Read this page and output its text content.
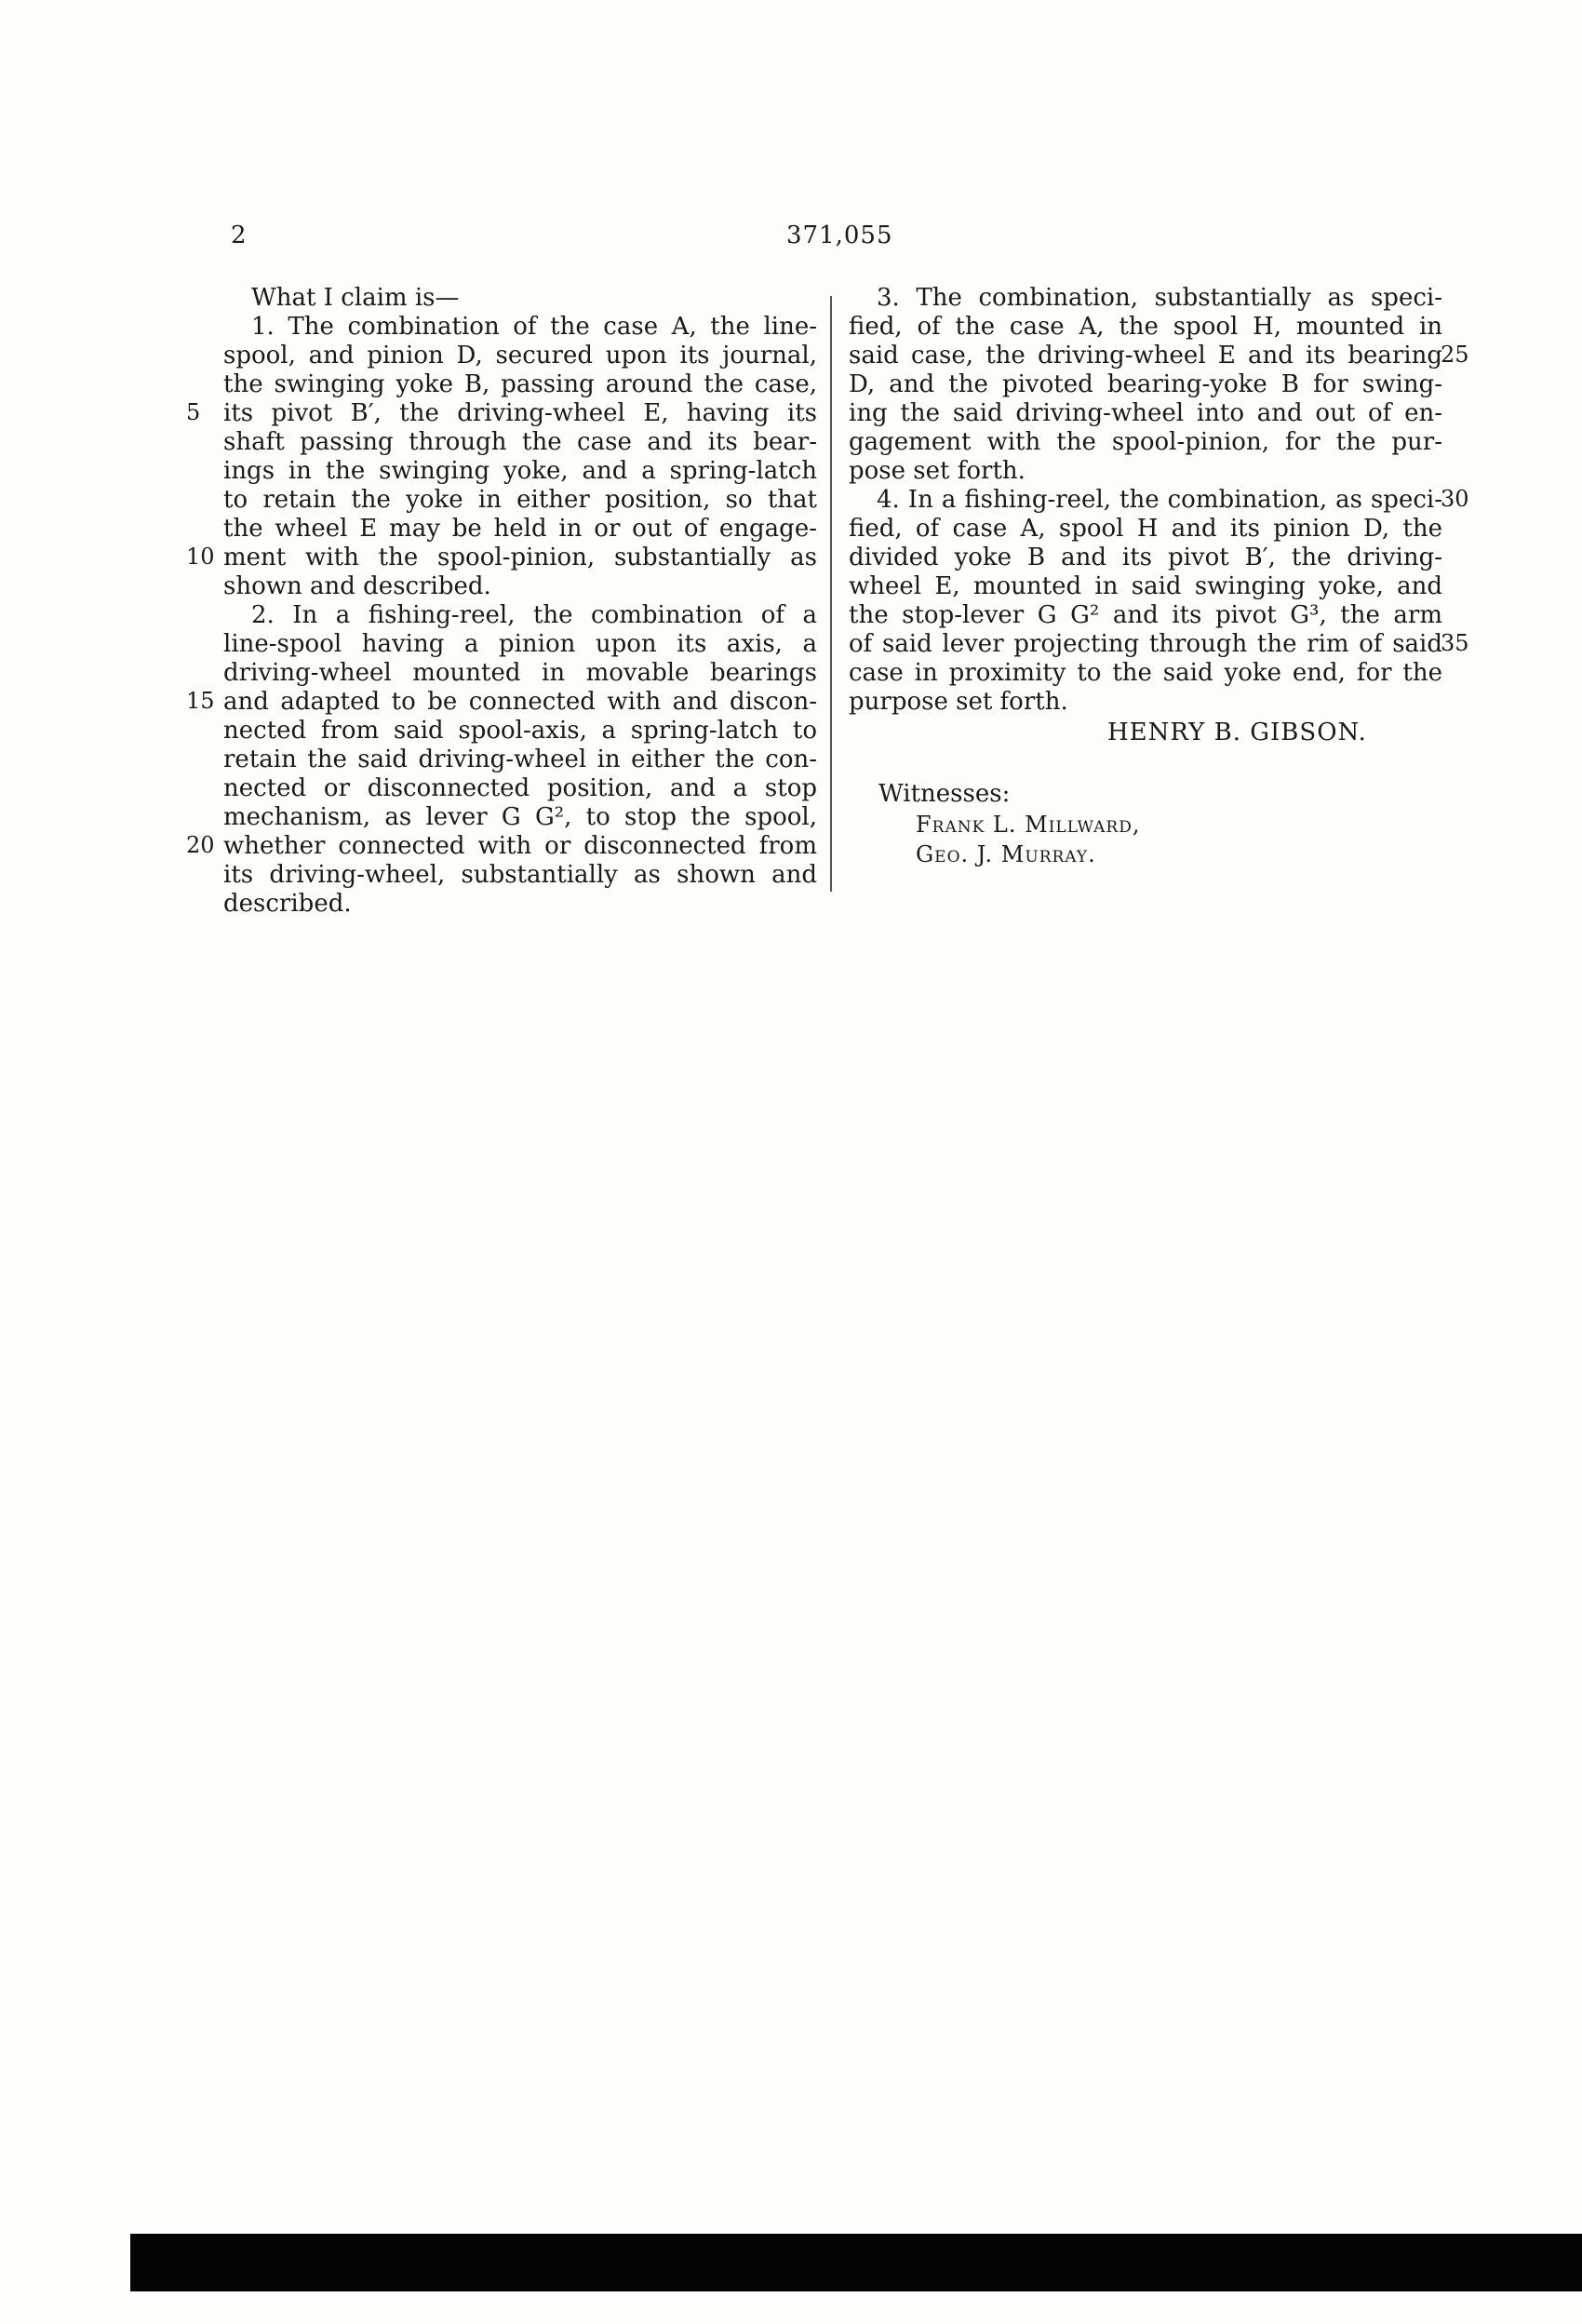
2	371,055
What I claim is—
1. The combination of the case A, the line-
spool, and pinion D, secured upon its journal,
the swinging yoke B, passing around the case,
its pivot B′, the driving-wheel E, having its
shaft passing through the case and its bear-
ings in the swinging yoke, and a spring-latch
to retain the yoke in either position, so that
the wheel E may be held in or out of engage-
ment with the spool-pinion, substantially as
shown and described.
2. In a fishing-reel, the combination of a
line-spool having a pinion upon its axis, a
driving-wheel mounted in movable bearings
and adapted to be connected with and discon-
nected from said spool-axis, a spring-latch to
retain the said driving-wheel in either the con-
nected or disconnected position, and a stop
mechanism, as lever G G², to stop the spool,
whether connected with or disconnected from
its driving-wheel, substantially as shown and
described.
3. The combination, substantially as speci-
fied, of the case A, the spool H, mounted in
said case, the driving-wheel E and its bearing
D, and the pivoted bearing-yoke B for swing-
ing the said driving-wheel into and out of en-
gagement with the spool-pinion, for the pur-
pose set forth.
4. In a fishing-reel, the combination, as speci-
fied, of case A, spool H and its pinion D, the
divided yoke B and its pivot B′, the driving-
wheel E, mounted in said swinging yoke, and
the stop-lever G G² and its pivot G³, the arm
of said lever projecting through the rim of said
case in proximity to the said yoke end, for the
purpose set forth.
5
10
15
20
25
30
35
HENRY B. GIBSON.
Witnesses:
Frank L. Millward,
Geo. J. Murray.
